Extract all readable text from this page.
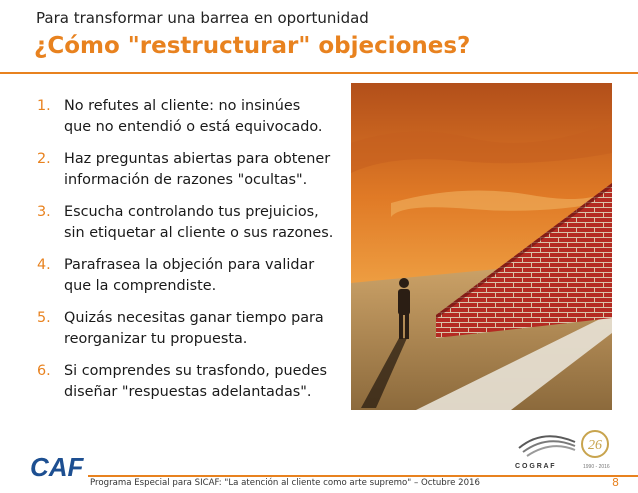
Para transformar una barrea en oportunidad
¿Cómo "restructurar" objeciones?
1. No refutes al cliente: no insinúes
que no entendió o está equivocado.
2. Haz preguntas abiertas para obtener
información de razones "ocultas".
3. Escucha controlando tus prejuicios,
sin etiquetar al cliente o sus razones.
4. Parafrasea la objeción para validar
que la comprendiste.
5. Quizás necesitas ganar tiempo para
reorganizar tu propuesta.
6. Si comprendes su trasfondo, puedes
diseñar "respuestas adelantadas".
CAF
Programa Especial para SICAF: "La atención al cliente como arte supremo" – Octubre 2016	8
26
C O G R A F	1990 - 2016
